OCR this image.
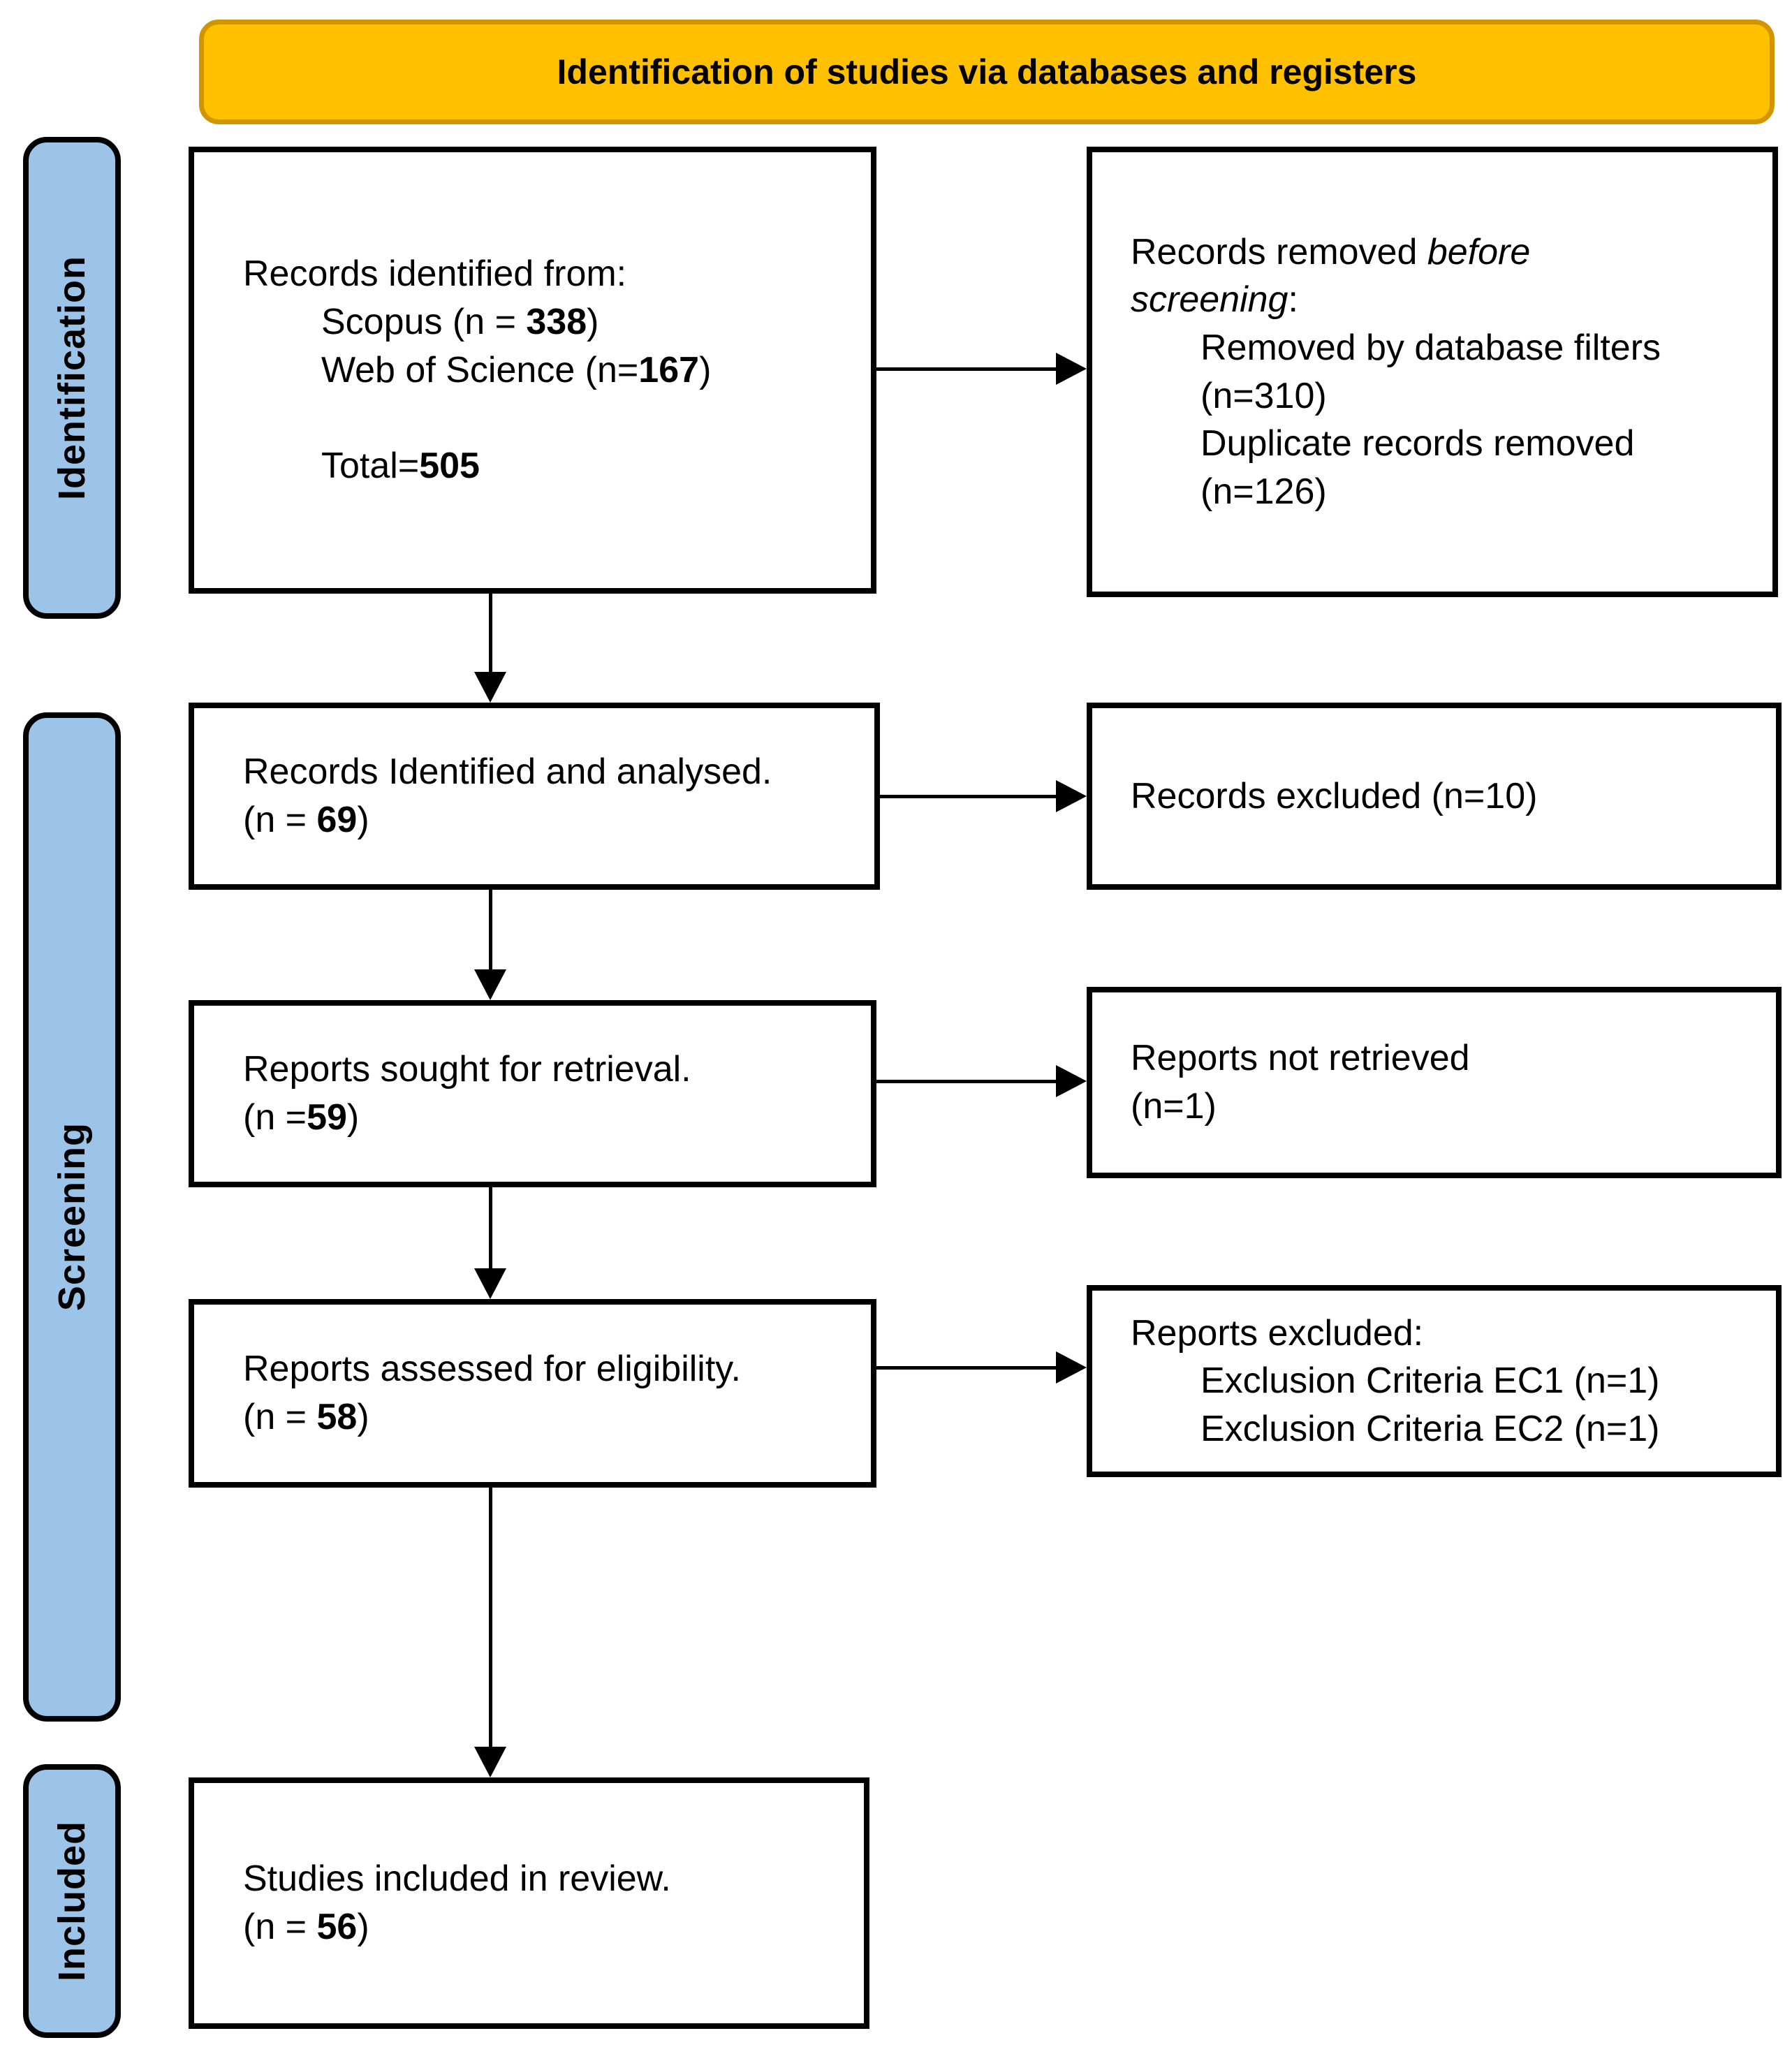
Identification of studies via databases and registers
Identification
Screening
Included
Records identified from:
Scopus (n = 338)
Web of Science (n=167)
Total=505
Records removed before
screening:
Removed by database filters
(n=310)
Duplicate records removed
(n=126)
Records Identified and analysed.
(n = 69)
Records excluded (n=10)
Reports sought for retrieval.
(n =59)
Reports not retrieved
(n=1)
Reports assessed for eligibility.
(n = 58)
Reports excluded:
Exclusion Criteria EC1 (n=1)
Exclusion Criteria EC2 (n=1)
Studies included in review.
(n = 56)
